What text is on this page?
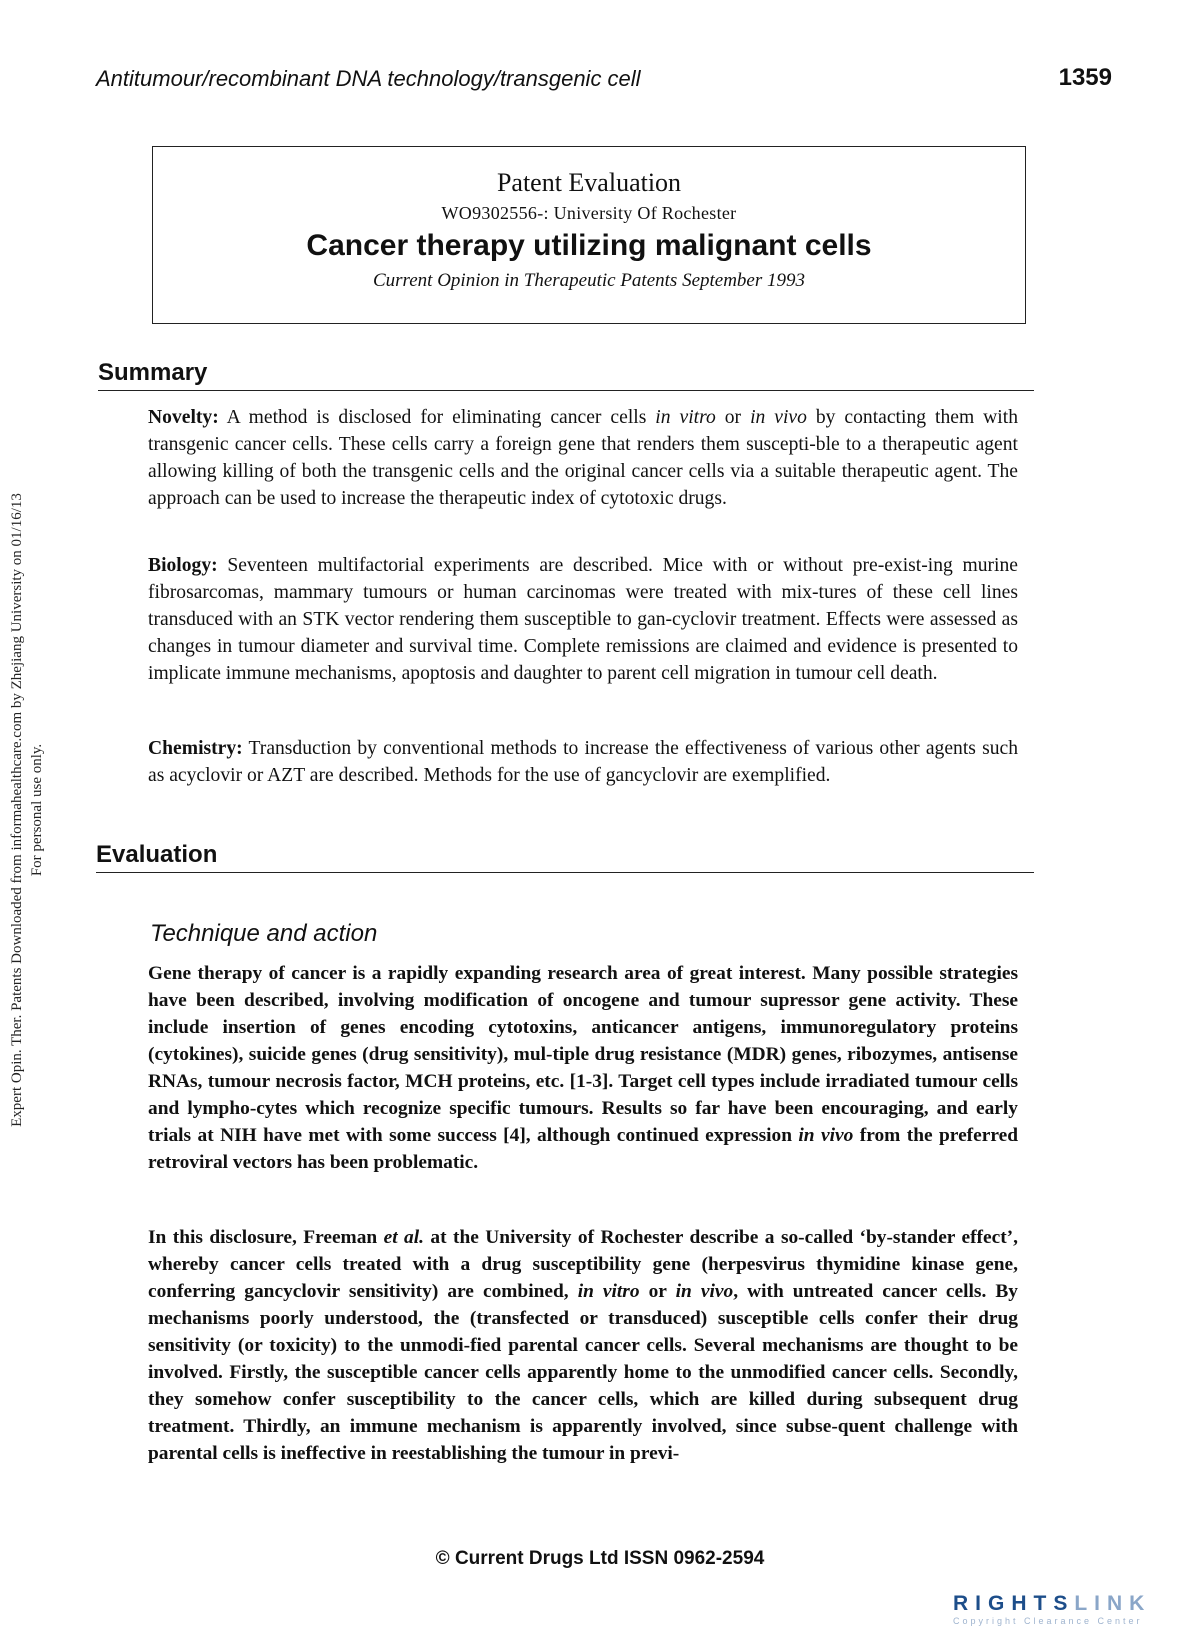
Antitumour/recombinant DNA technology/transgenic cell	1359
Expert Opin. Ther. Patents Downloaded from informahealthcare.com by Zhejiang University on 01/16/13 For personal use only.
Patent Evaluation
WO9302556-: University Of Rochester
Cancer therapy utilizing malignant cells
Current Opinion in Therapeutic Patents September 1993
Summary

Novelty: A method is disclosed for eliminating cancer cells in vitro or in vivo by contacting them with transgenic cancer cells. These cells carry a foreign gene that renders them suscepti-ble to a therapeutic agent allowing killing of both the transgenic cells and the original cancer cells via a suitable therapeutic agent. The approach can be used to increase the therapeutic index of cytotoxic drugs.

Biology: Seventeen multifactorial experiments are described. Mice with or without pre-exist-ing murine fibrosarcomas, mammary tumours or human carcinomas were treated with mix-tures of these cell lines transduced with an STK vector rendering them susceptible to gan-cyclovir treatment. Effects were assessed as changes in tumour diameter and survival time. Complete remissions are claimed and evidence is presented to implicate immune mechanisms, apoptosis and daughter to parent cell migration in tumour cell death.

Chemistry: Transduction by conventional methods to increase the effectiveness of various other agents such as acyclovir or AZT are described. Methods for the use of gancyclovir are exemplified.

Evaluation
Technique and action

Gene therapy of cancer is a rapidly expanding research area of great interest. Many possible strategies have been described, involving modification of oncogene and tumour supressor gene activity. These include insertion of genes encoding cytotoxins, anticancer antigens, immunoregulatory proteins (cytokines), suicide genes (drug sensitivity), mul-tiple drug resistance (MDR) genes, ribozymes, antisense RNAs, tumour necrosis factor, MCH proteins, etc. [1-3]. Target cell types include irradiated tumour cells and lympho-cytes which recognize specific tumours. Results so far have been encouraging, and early trials at NIH have met with some success [4], although continued expression in vivo from the preferred retroviral vectors has been problematic.

In this disclosure, Freeman et al. at the University of Rochester describe a so-called ‘by-stander effect’, whereby cancer cells treated with a drug susceptibility gene (herpesvirus thymidine kinase gene, conferring gancyclovir sensitivity) are combined, in vitro or in vivo, with untreated cancer cells. By mechanisms poorly understood, the (transfected or transduced) susceptible cells confer their drug sensitivity (or toxicity) to the unmodi-fied parental cancer cells. Several mechanisms are thought to be involved. Firstly, the susceptible cancer cells apparently home to the unmodified cancer cells. Secondly, they somehow confer susceptibility to the cancer cells, which are killed during subsequent drug treatment. Thirdly, an immune mechanism is apparently involved, since subse-quent challenge with parental cells is ineffective in reestablishing the tumour in previ-

© Current Drugs Ltd ISSN 0962-2594
RIGHTSLINK
Copyright Clearance Center
